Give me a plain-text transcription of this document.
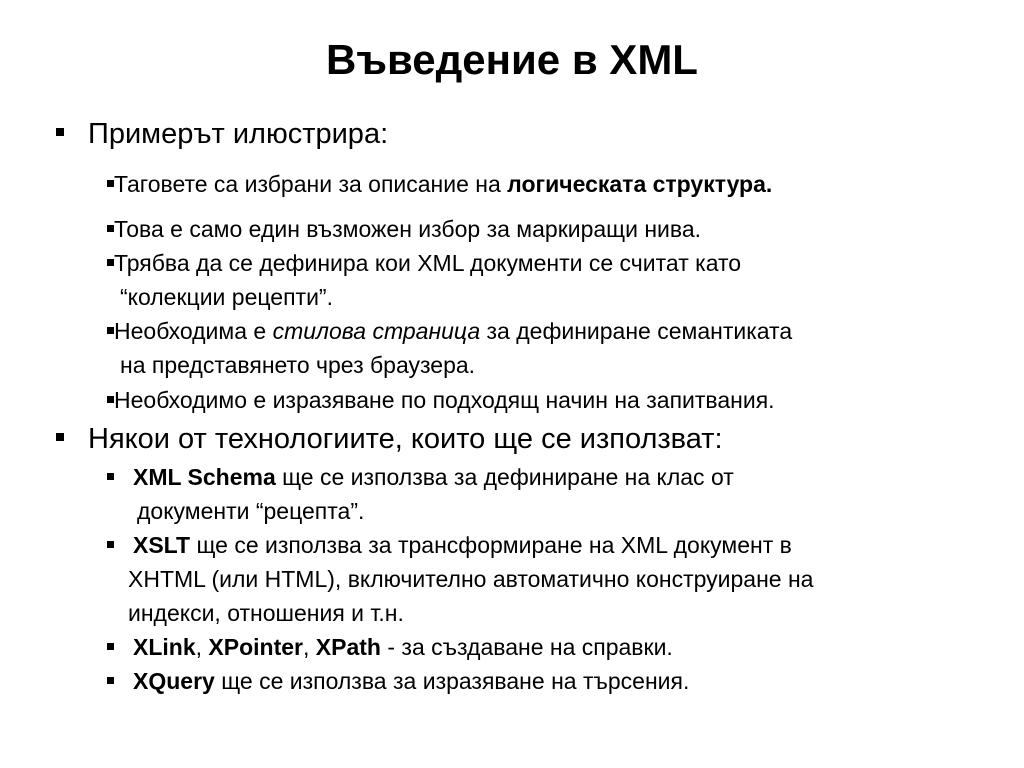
Въведение в XML
Примерът илюстрира:
Таговете са избрани за описание на логическата структура.
Това е само един възможен избор за маркиращи нива.
Трябва да се дефинира кои XML документи се считат като
“колекции рецепти”.
Необходима е стилова страница за дефиниране семантиката
на представянето чрез браузера.
Необходимо е изразяване по подходящ начин на запитвания.
Някои от технологиите, които ще се използват:
XML Schema ще се използва за дефиниране на клас от
документи “рецепта”.
XSLT ще се използва за трансформиране на XML документ в
XHTML (или HTML), включително автоматично конструиране на
индекси, отношения и т.н.
XLink, XPointer, XPath - за създаване на справки.
XQuery ще се използва за изразяване на търсения.
